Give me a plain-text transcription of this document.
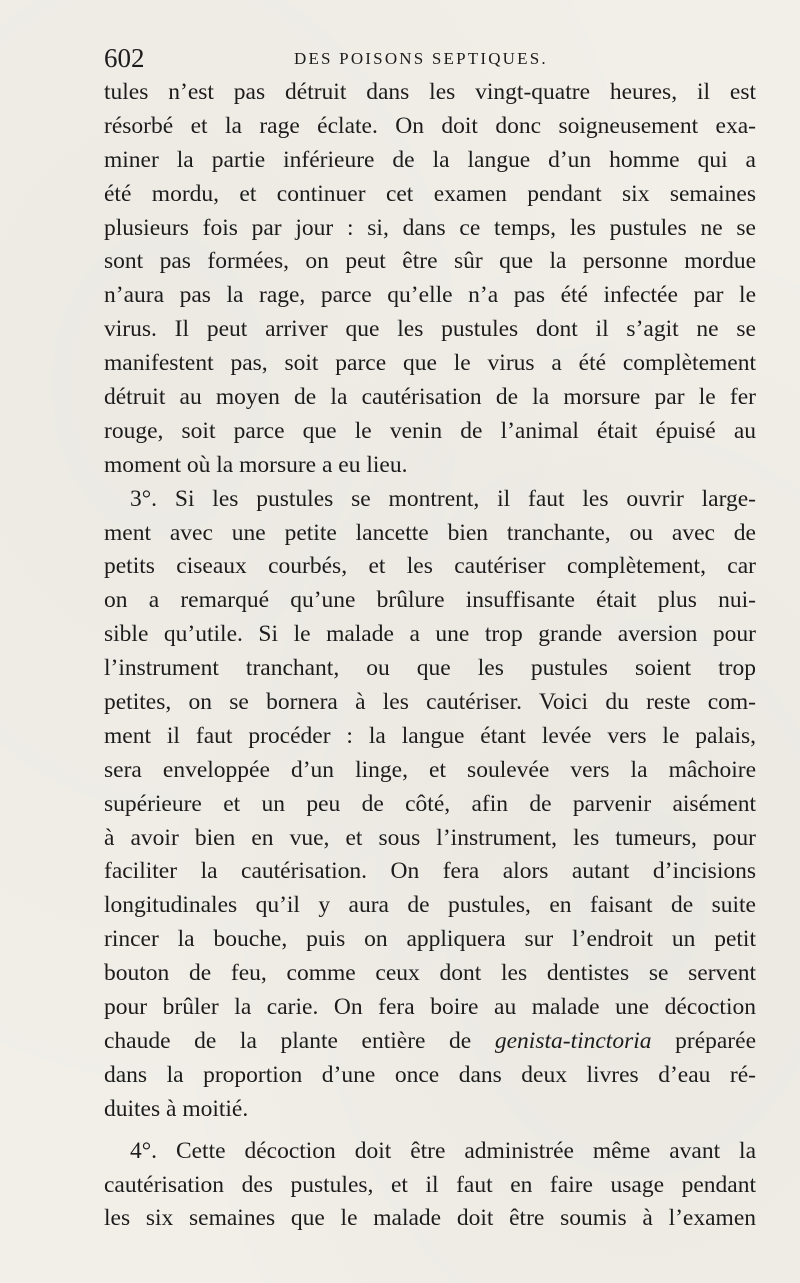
602	DES POISONS SEPTIQUES.
tules n’est pas détruit dans les vingt-quatre heures, il est
résorbé et la rage éclate. On doit donc soigneusement exa-
miner la partie inférieure de la langue d’un homme qui a
été mordu, et continuer cet examen pendant six semaines
plusieurs fois par jour : si, dans ce temps, les pustules ne se
sont pas formées, on peut être sûr que la personne mordue
n’aura pas la rage, parce qu’elle n’a pas été infectée par le
virus. Il peut arriver que les pustules dont il s’agit ne se
manifestent pas, soit parce que le virus a été complètement
détruit au moyen de la cautérisation de la morsure par le fer
rouge, soit parce que le venin de l’animal était épuisé au
moment où la morsure a eu lieu.
3°. Si les pustules se montrent, il faut les ouvrir large-
ment avec une petite lancette bien tranchante, ou avec de
petits ciseaux courbés, et les cautériser complètement, car
on a remarqué qu’une brûlure insuffisante était plus nui-
sible qu’utile. Si le malade a une trop grande aversion pour
l’instrument tranchant, ou que les pustules soient trop
petites, on se bornera à les cautériser. Voici du reste com-
ment il faut procéder : la langue étant levée vers le palais,
sera enveloppée d’un linge, et soulevée vers la mâchoire
supérieure et un peu de côté, afin de parvenir aisément
à avoir bien en vue, et sous l’instrument, les tumeurs, pour
faciliter la cautérisation. On fera alors autant d’incisions
longitudinales qu’il y aura de pustules, en faisant de suite
rincer la bouche, puis on appliquera sur l’endroit un petit
bouton de feu, comme ceux dont les dentistes se servent
pour brûler la carie. On fera boire au malade une décoction
chaude de la plante entière de genista-tinctoria préparée
dans la proportion d’une once dans deux livres d’eau ré-
duites à moitié.
4°. Cette décoction doit être administrée même avant la
cautérisation des pustules, et il faut en faire usage pendant
les six semaines que le malade doit être soumis à l’examen
